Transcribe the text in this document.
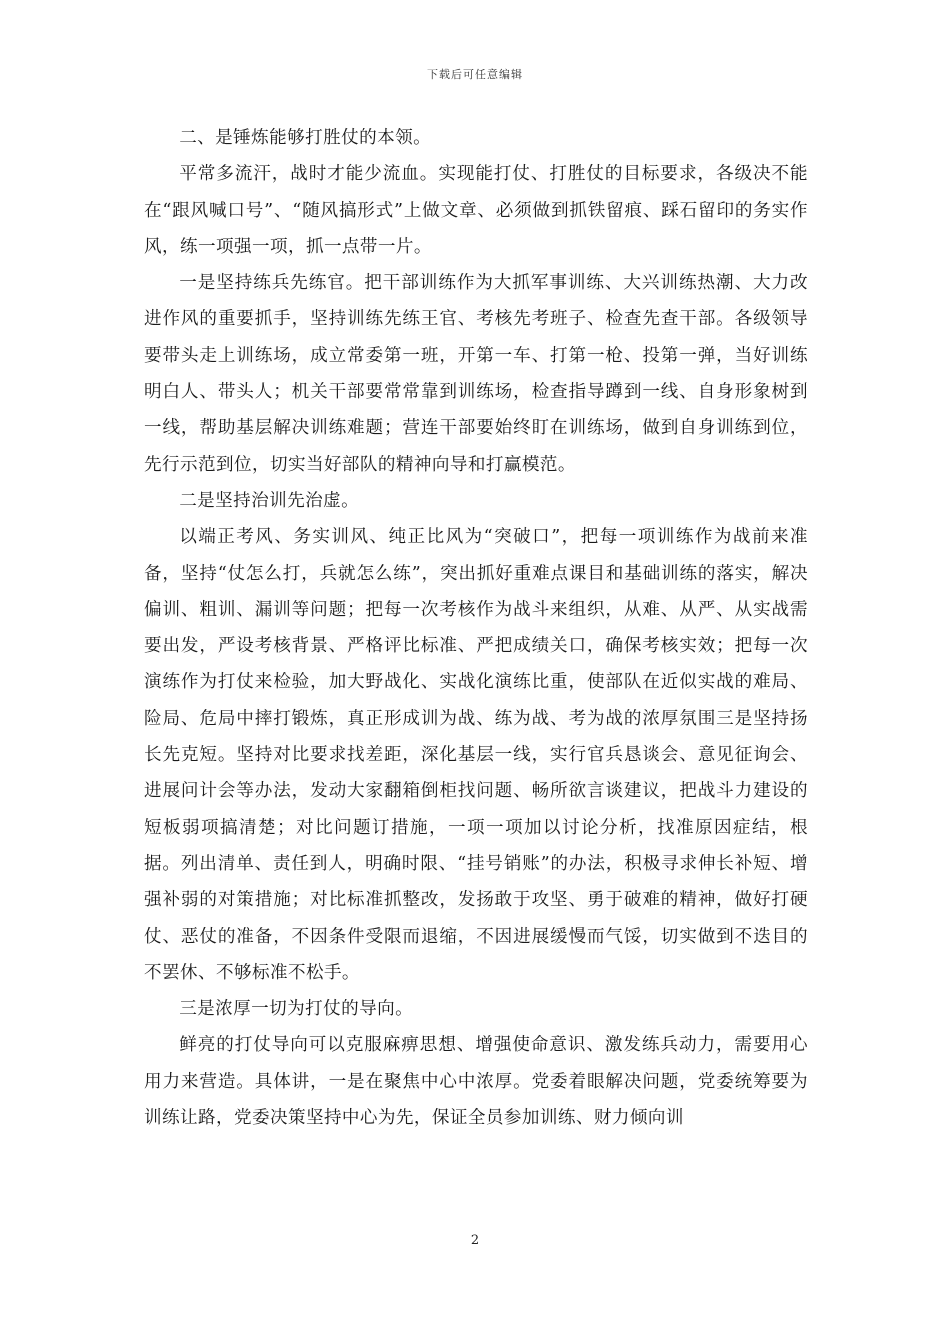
下载后可任意编辑

二、是锤炼能够打胜仗的本领。

平常多流汗，战时才能少流血。实现能打仗、打胜仗的目标要求，各级决不能在“跟风喊口号”、“随风搞形式”上做文章、必须做到抓铁留痕、踩石留印的务实作风，练一项强一项，抓一点带一片。

一是坚持练兵先练官。把干部训练作为大抓军事训练、大兴训练热潮、大力改进作风的重要抓手，坚持训练先练王官、考核先考班子、检查先查干部。各级领导要带头走上训练场，成立常委第一班，开第一车、打第一枪、投第一弹，当好训练明白人、带头人；机关干部要常常靠到训练场，检查指导蹲到一线、自身形象树到一线，帮助基层解决训练难题；营连干部要始终盯在训练场，做到自身训练到位，先行示范到位，切实当好部队的精神向导和打赢模范。

二是坚持治训先治虚。

以端正考风、务实训风、纯正比风为“突破口”，把每一项训练作为战前来准备，坚持“仗怎么打，兵就怎么练”，突出抓好重难点课目和基础训练的落实，解决偏训、粗训、漏训等问题；把每一次考核作为战斗来组织，从难、从严、从实战需要出发，严设考核背景、严格评比标准、严把成绩关口，确保考核实效；把每一次演练作为打仗来检验，加大野战化、实战化演练比重，使部队在近似实战的难局、险局、危局中摔打锻炼，真正形成训为战、练为战、考为战的浓厚氛围三是坚持扬长先克短。坚持对比要求找差距，深化基层一线，实行官兵恳谈会、意见征询会、进展问计会等办法，发动大家翻箱倒柜找问题、畅所欲言谈建议，把战斗力建设的短板弱项搞清楚；对比问题订措施，一项一项加以讨论分析，找准原因症结，根据。列出清单、责任到人，明确时限、“挂号销账”的办法，积极寻求伸长补短、增强补弱的对策措施；对比标准抓整改，发扬敢于攻坚、勇于破难的精神，做好打硬仗、恶仗的准备，不因条件受限而退缩，不因进展缓慢而气馁，切实做到不迭目的不罢休、不够标准不松手。

三是浓厚一切为打仗的导向。

鲜亮的打仗导向可以克服麻痹思想、增强使命意识、激发练兵动力，需要用心用力来营造。具体讲，一是在聚焦中心中浓厚。党委着眼解决问题，党委统筹要为训练让路，党委决策坚持中心为先，保证全员参加训练、财力倾向训

2
